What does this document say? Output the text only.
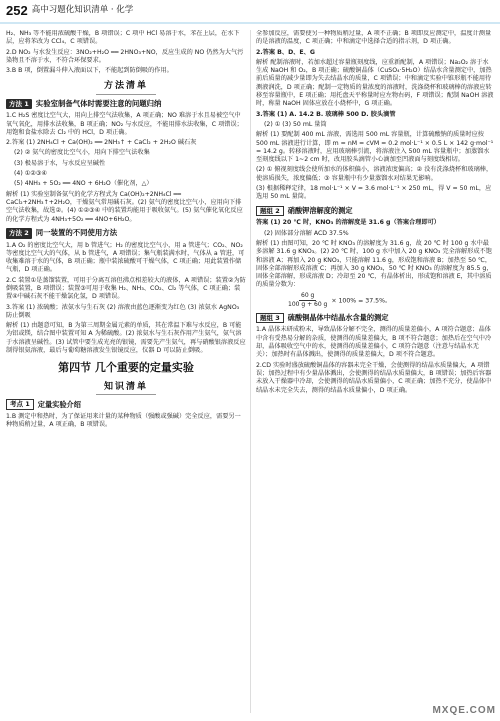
252 高中习题化知识清单 · 化学

H₂、NH₃ 等不能用浓硫酸干燥，B 项错误；C 项中 HCl 易溶于水，苯在上层，在水下层，应将苯改为 CCl₄，C 项错误。

2.D NO₂ 与水发生反应：3NO₂+H₂O ══ 2HNO₃+NO，反应生成的 NO 仍然为大气污染物且不溶于水，不符合环保要求。

3.B B 项，倒置漏斗伸入液面以下，不能起到防倒吸的作用。

方法清单
方法 1 实验室制备气体时需要注意的问题归纳

1.C H₂S 密度比空气大，用向上排空气法收集，A 项正确；NO 难溶于水且易被空气中氧气氧化，用排水法收集，B 项正确；NO₂ 与水反应，不能用排水法收集，C 项错误；用饱和食盐水除去 Cl₂ 中的 HCl，D 项正确。

2.答案 (1) 2NH₄Cl + Ca(OH)₂ ══ 2NH₃↑ + CaCl₂ + 2H₂O 碱石灰

(2) ② 氨气的密度比空气小，用向下排空气法收集

(3) 极易溶于水，与水反应呈碱性

(4) ①②③④

(5) 4NH₃ + 5O₂ ══ 4NO + 6H₂O（催化剂，△）

解析 (1) 实验室制备氨气的化学方程式为 Ca(OH)₂+2NH₄Cl ══ CaCl₂+2NH₃↑+2H₂O，干燥氨气常用碱石灰。(2) 氨气的密度比空气小，应用向下排空气法收集，故选②。(4) ①②③④ 中的装置均能用于吸收氨气。(5) 氨气催化氧化反应的化学方程式为 4NH₃+5O₂ ══ 4NO+6H₂O。

方法 2 同一装置的不同使用方法

1.A O₂ 的密度比空气大，用 b 管进气；H₂ 的密度比空气小，用 a 管进气；CO₂、NO₂ 等密度比空气大的气体，从 b 管进气，A 项错误；集气瓶装满水时，气体从 a 管进，可收集难溶于水的气体，B 项正确；瓶中装浓硫酸可干燥气体，C 项正确；用此装置作储气瓶，D 项正确。

2.C 装置①是蒸馏装置，可用于分离互溶但沸点相差较大的液体，A 项错误；装置②为防倒吸装置，B 项错误；装置③可用于收集 H₂、NH₃、CO₂、Cl₂ 等气体，C 项正确；装置④中碱石灰不能干燥氯化氢，D 项错误。

3.答案 (1) 浓硫酸；浓氨水与生石灰 (2) 溶液由蓝色逐渐变为红色 (3) 浓氨水 AgNO₃ 防止倒吸

解析 (1) 由题意可知，B 为第三周期金属元素的单质，其在常温下难与水反应，B 可能为铝或镁，结合图中装置可知 A 为稀硫酸。(2) 浓氨水与生石灰作用产生氨气，氨气溶于水溶液呈碱性。(3) 试管中要生成光亮的银镜，需要先产生氨气，再与硝酸银溶液反应制得银氨溶液，最后与葡萄糖溶液发生银镜反应，仪器 D 可以防止倒吸。

第四节 几个重要的定量实验
知识清单
考点 1	定量实验介绍

1.B 测定中和热时，为了保证用来计量的某种物质（强酸或强碱）完全反应，需要另一种物质稍过量，A 项正确，B 项错误。

全参加反应，需要使另一种物质稍过量，A 项不正确；B 项即反应测定中，温度计测量的是溶液的温度，C 项正确；中和滴定中选择合适的指示剂，D 项正确。

2.答案 B、D、E、G

解析 配制溶液时，若加水超过容量瓶刻度线，应重新配制，A 项错误；Na₂O₂ 溶于水生成 NaOH 和 O₂，B 项正确；硫酸铜晶体（CuSO₄·5H₂O）结晶水含量测定中，加热前后质量的减少量即为失去结晶水的质量，C 项错误；中和滴定实验中锥形瓶不能用待测液润洗，D 项正确；配制一定物质的量浓度的溶液时，洗涤烧杯和玻璃棒的溶液应转移至容量瓶中，E 项正确；用托盘天平称量时应左物右码，F 项错误；配制 NaOH 溶液时，称量 NaOH 固体应放在小烧杯中，G 项正确。

3.答案 (1) A. 14.2 B. 玻璃棒 500 D. 胶头滴管

(2) ① (3) 50 mL 量筒

解析 (1) 要配制 400 mL 溶液，需选用 500 mL 容量瓶，计算硫酸钠的质量时应按 500 mL 溶液进行计算，即 m = nM = cVM = 0.2 mol·L⁻¹ × 0.5 L × 142 g·mol⁻¹ = 14.2 g。转移溶液时，应用玻璃棒引流，将溶液注入 500 mL 容量瓶中；加蒸馏水至刻度线以下 1~2 cm 时，改用胶头滴管小心滴加至凹液面与刻度线相切。

(2) ① 俯视刻度线会使所加水的体积偏小，溶液浓度偏高；② 没有洗涤烧杯和玻璃棒，使溶质损失，浓度偏低；③ 容量瓶中有少量蒸馏水对结果无影响。

(3) 根据稀释定律，18 mol·L⁻¹ × V = 3.6 mol·L⁻¹ × 250 mL，得 V = 50 mL，应选用 50 mL 量筒。

题组 2	硝酸钾溶解度的测定

答案 (1) 20 ℃ 时，KNO₃ 的溶解度是 31.6 g（答案合理即可）

(2) 固体部分溶解 ACD 37.5%

解析 (1) 由图可知，20 ℃ 时 KNO₃ 的溶解度为 31.6 g，故 20 ℃ 时 100 g 水中最多溶解 31.6 g KNO₃。(2) 20 ℃ 时，100 g 水中加入 20 g KNO₃ 完全溶解形成不饱和溶液 A；再加入 20 g KNO₃，只能溶解 11.6 g，形成饱和溶液 B；加热至 50 ℃，固体全部溶解形成溶液 C；再加入 30 g KNO₃，50 ℃ 时 KNO₃ 的溶解度为 85.5 g，固体全部溶解，形成溶液 D；冷却至 20 ℃，有晶体析出，形成饱和溶液 E，其中溶质的质量分数为：

$\frac{60 g}{100 g + 60 g} \times 100\% = 37.5\%$。
题组 3	硫酸铜晶体中结晶水含量的测定

1.A 晶体未研成粉末，导致晶体分解不完全，测得的质量差偏小，A 项符合题意；晶体中含有受热易分解的杂质，使测得的质量差偏大，B 项不符合题意；加热后在空气中冷却，晶体吸收空气中的水，使测得的质量差偏小，C 项符合题意（注意与结晶水无关）；加热时有晶体溅出，使测得的质量差偏大，D 项不符合题意。

2.CD 实验时盛放硫酸铜晶体的容器未完全干燥，会使测得的结晶水质量偏大，A 项错误；加热过程中有少量晶体溅出，会使测得的结晶水质量偏大，B 项错误；加热后容器未放入干燥器中冷却，会使测得的结晶水质量偏小，C 项正确；加热不充分，使晶体中结晶水未完全失去，测得的结晶水质量偏小，D 项正确。

MXQE.COM
